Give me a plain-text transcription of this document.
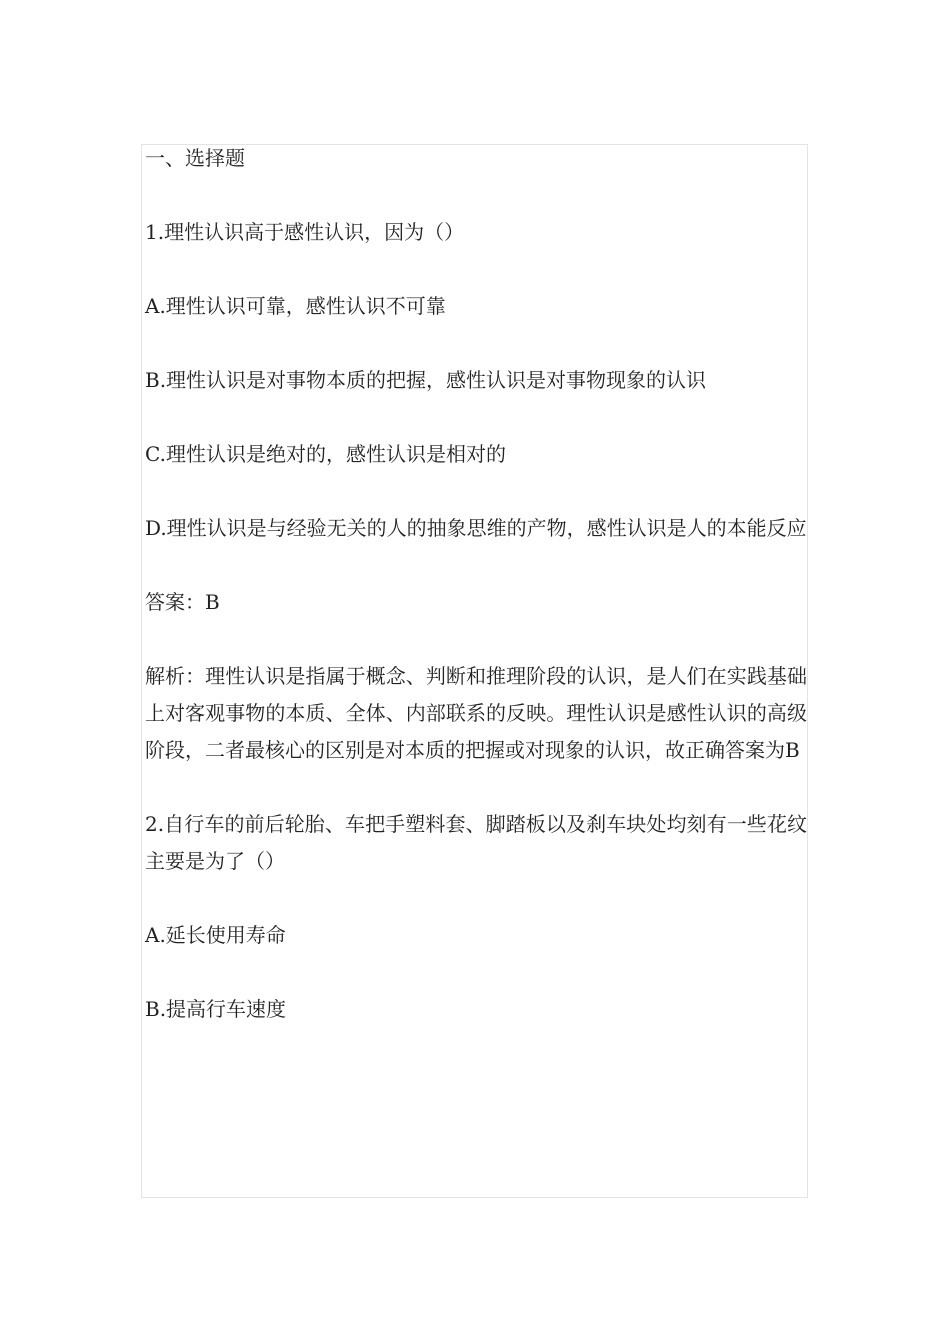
一、选择题

1.理性认识高于感性认识，因为（）

A.理性认识可靠，感性认识不可靠

B.理性认识是对事物本质的把握，感性认识是对事物现象的认识

C.理性认识是绝对的，感性认识是相对的

D.理性认识是与经验无关的人的抽象思维的产物，感性认识是人的本能反应

答案：B

解析：理性认识是指属于概念、判断和推理阶段的认识，是人们在实践基础上对客观事物的本质、全体、内部联系的反映。理性认识是感性认识的高级阶段，二者最核心的区别是对本质的把握或对现象的认识，故正确答案为B

2.自行车的前后轮胎、车把手塑料套、脚踏板以及刹车块处均刻有一些花纹主要是为了（）

A.延长使用寿命

B.提高行车速度
